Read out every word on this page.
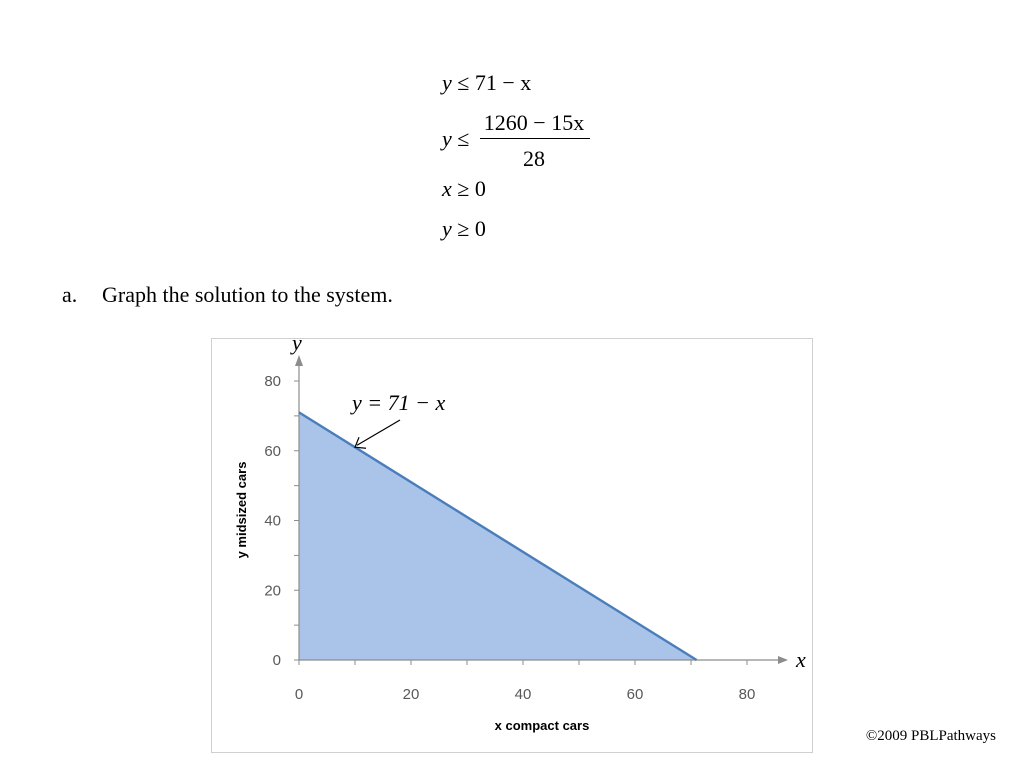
y ≤ 71 − x
y ≤
1260 − 15x
28
x ≥ 0
y ≥ 0
a. Graph the solution to the system.
0	20	40	60	80
0
20
40
60
80
x compact cars
y midsized cars
x
y
y = 71 − x
©2009 PBLPathways
